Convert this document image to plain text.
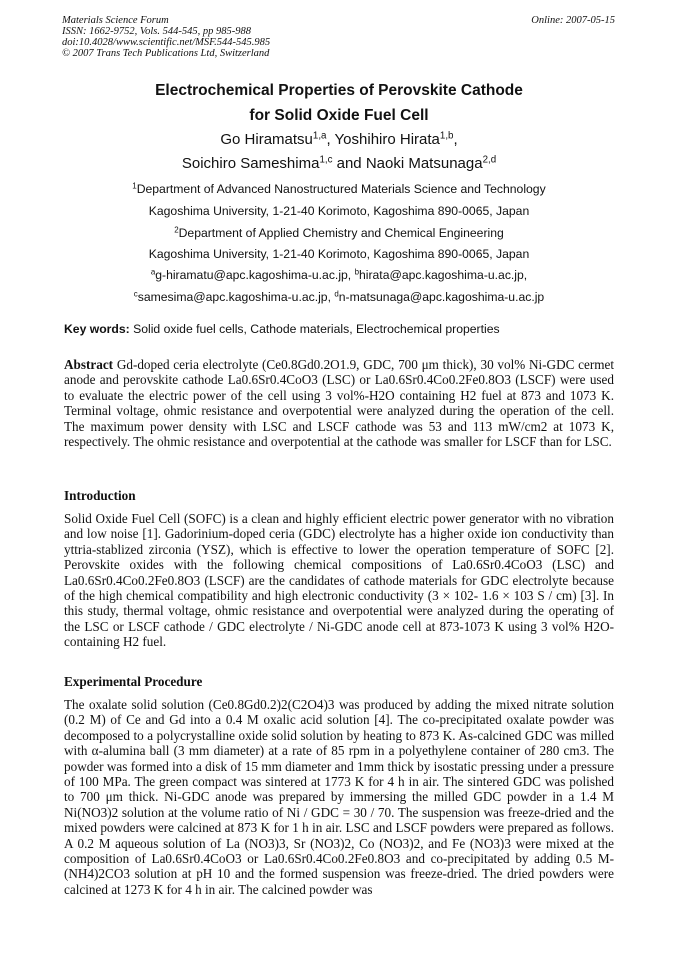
Materials Science Forum
ISSN: 1662-9752, Vols. 544-545, pp 985-988
doi:10.4028/www.scientific.net/MSF.544-545.985
© 2007 Trans Tech Publications Ltd, Switzerland
Online: 2007-05-15
Electrochemical Properties of Perovskite Cathode
for Solid Oxide Fuel Cell
Go Hiramatsu$^{1,a}$, Yoshihiro Hirata$^{1,b}$,
Soichiro Sameshima$^{1,c}$ and Naoki Matsunaga$^{2,d}$
$^1$Department of Advanced Nanostructured Materials Science and Technology
Kagoshima University, 1-21-40 Korimoto, Kagoshima 890-0065, Japan
$^2$Department of Applied Chemistry and Chemical Engineering
Kagoshima University, 1-21-40 Korimoto, Kagoshima 890-0065, Japan
$^a$g-hiramatu@apc.kagoshima-u.ac.jp, $^b$hirata@apc.kagoshima-u.ac.jp,
$^c$samesima@apc.kagoshima-u.ac.jp, $^d$n-matsunaga@apc.kagoshima-u.ac.jp
Key words: Solid oxide fuel cells, Cathode materials, Electrochemical properties

Abstract Gd-doped ceria electrolyte (Ce0.8Gd0.2O1.9, GDC, 700 μm thick), 30 vol% Ni-GDC cermet anode and perovskite cathode La0.6Sr0.4CoO3 (LSC) or La0.6Sr0.4Co0.2Fe0.8O3 (LSCF) were used to evaluate the electric power of the cell using 3 vol%-H2O containing H2 fuel at 873 and 1073 K. Terminal voltage, ohmic resistance and overpotential were analyzed during the operation of the cell. The maximum power density with LSC and LSCF cathode was 53 and 113 mW/cm2 at 1073 K, respectively. The ohmic resistance and overpotential at the cathode was smaller for LSCF than for LSC.

Introduction

Solid Oxide Fuel Cell (SOFC) is a clean and highly efficient electric power generator with no vibration and low noise [1]. Gadorinium-doped ceria (GDC) electrolyte has a higher oxide ion conductivity than yttria-stablized zirconia (YSZ), which is effective to lower the operation temperature of SOFC [2]. Perovskite oxides with the following chemical compositions of La0.6Sr0.4CoO3 (LSC) and La0.6Sr0.4Co0.2Fe0.8O3 (LSCF) are the candidates of cathode materials for GDC electrolyte because of the high chemical compatibility and high electronic conductivity (3 × 102- 1.6 × 103 S / cm) [3]. In this study, thermal voltage, ohmic resistance and overpotential were analyzed during the operating of the LSC or LSCF cathode / GDC electrolyte / Ni-GDC anode cell at 873-1073 K using 3 vol% H2O- containing H2 fuel.

Experimental Procedure

The oxalate solid solution (Ce0.8Gd0.2)2(C2O4)3 was produced by adding the mixed nitrate solution (0.2 M) of Ce and Gd into a 0.4 M oxalic acid solution [4]. The co-precipitated oxalate powder was decomposed to a polycrystalline oxide solid solution by heating to 873 K. As-calcined GDC was milled with α-alumina ball (3 mm diameter) at a rate of 85 rpm in a polyethylene container of 280 cm3. The powder was formed into a disk of 15 mm diameter and 1mm thick by isostatic pressing under a pressure of 100 MPa. The green compact was sintered at 1773 K for 4 h in air. The sintered GDC was polished to 700 μm thick. Ni-GDC anode was prepared by immersing the milled GDC powder in a 1.4 M Ni(NO3)2 solution at the volume ratio of Ni / GDC = 30 / 70. The suspension was freeze-dried and the mixed powders were calcined at 873 K for 1 h in air. LSC and LSCF powders were prepared as follows. A 0.2 M aqueous solution of La (NO3)3, Sr (NO3)2, Co (NO3)2, and Fe (NO3)3 were mixed at the composition of La0.6Sr0.4CoO3 or La0.6Sr0.4Co0.2Fe0.8O3 and co-precipitated by adding 0.5 M-(NH4)2CO3 solution at pH 10 and the formed suspension was freeze-dried. The dried powders were calcined at 1273 K for 4 h in air. The calcined powder was
